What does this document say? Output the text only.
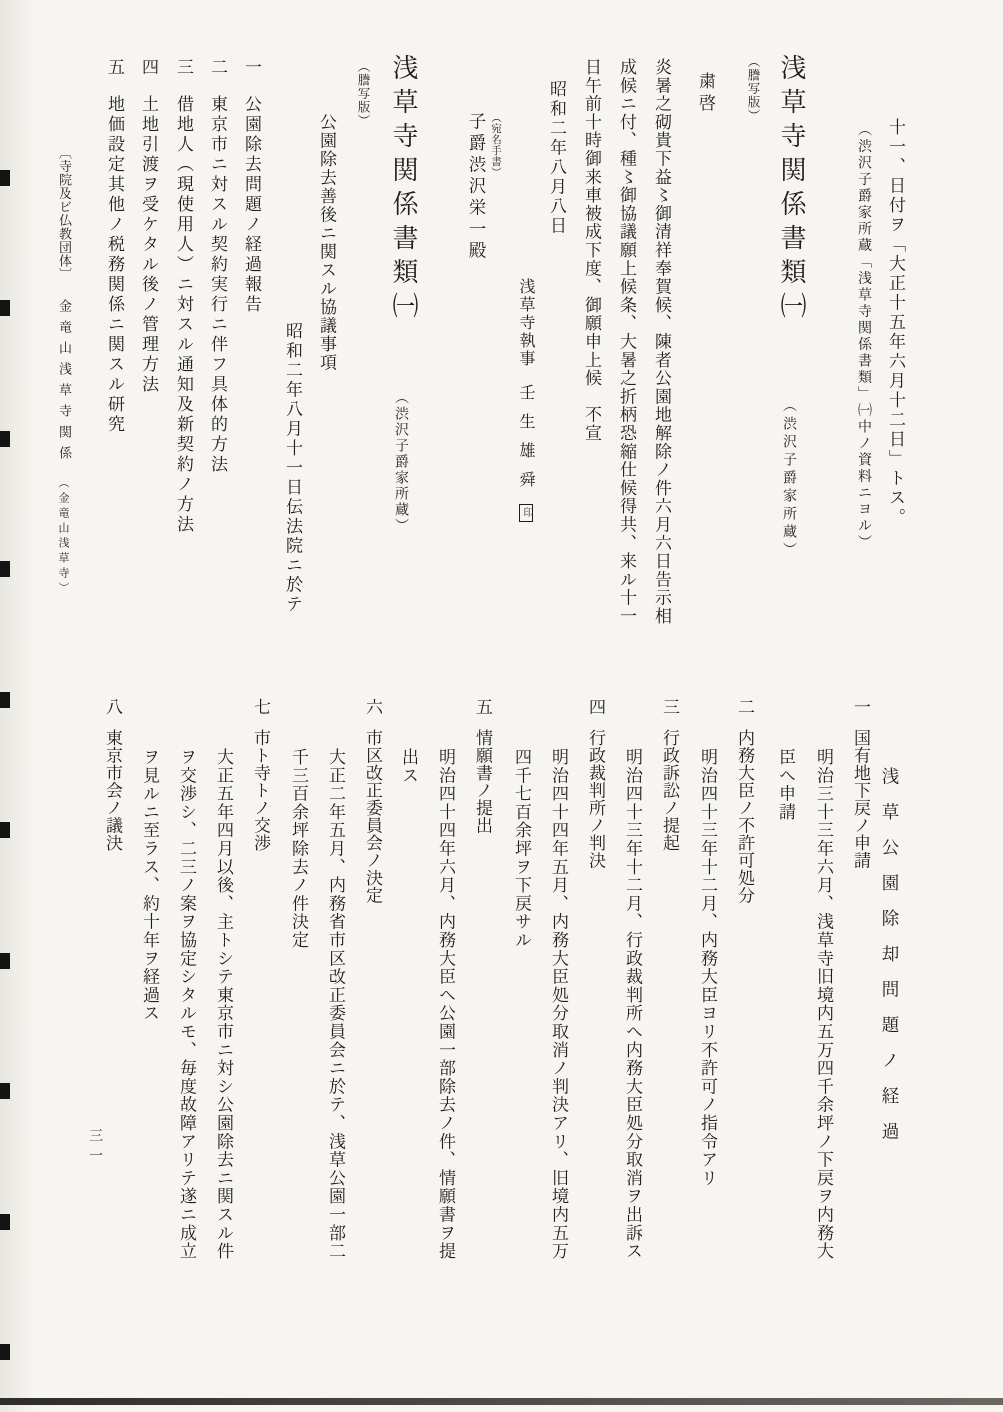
十一、日付ヲ「大正十五年六月十二日」トス。
（渋沢子爵家所蔵「浅草寺関係書類」㈠中ノ資料ニヨル）
浅草寺関係書類㈠
（渋沢子爵家所蔵）
（謄写版）
粛啓
炎暑之砌貴下益〻御清祥奉賀候、陳者公園地解除ノ件六月六日告示相
成候ニ付、種〻御協議願上候条、大暑之折柄恐縮仕候得共、来ル十一
日午前十時御来車被成下度、御願申上候　不宣
昭和二年八月八日
浅草寺執事壬生雄舜印
（宛名手書）
子爵渋沢栄一殿
浅草寺関係書類㈠
（渋沢子爵家所蔵）
（謄写版）
公園除去善後ニ関スル協議事項
昭和二年八月十一日伝法院ニ於テ
一公園除去問題ノ経過報告
二東京市ニ対スル契約実行ニ伴フ具体的方法
三借地人（現使用人）ニ対スル通知及新契約ノ方法
四土地引渡ヲ受ケタル後ノ管理方法
五地価設定其他ノ税務関係ニ関スル研究
浅草公園除却問題ノ経過
一国有地下戻ノ申請
明治三十三年六月、浅草寺旧境内五万四千余坪ノ下戻ヲ内務大
臣へ申請
二内務大臣ノ不許可処分
明治四十三年十二月、内務大臣ヨリ不許可ノ指令アリ
三行政訴訟ノ提起
明治四十三年十二月、行政裁判所へ内務大臣処分取消ヲ出訴ス
四行政裁判所ノ判決
明治四十四年五月、内務大臣処分取消ノ判決アリ、旧境内五万
四千七百余坪ヲ下戻サル
五情願書ノ提出
明治四十四年六月、内務大臣へ公園一部除去ノ件、情願書ヲ提
出ス
六市区改正委員会ノ決定
大正二年五月、内務省市区改正委員会ニ於テ、浅草公園一部二
千三百余坪除去ノ件決定
七市ト寺トノ交渉
大正五年四月以後、主トシテ東京市ニ対シ公園除去ニ関スル件
ヲ交渉シ、二三ノ案ヲ協定シタルモ、毎度故障アリテ遂ニ成立
ヲ見ルニ至ラス、約十年ヲ経過ス
八東京市会ノ議決
〔寺院及ビ仏教団体〕金竜山浅草寺関係（金竜山浅草寺）
三一
